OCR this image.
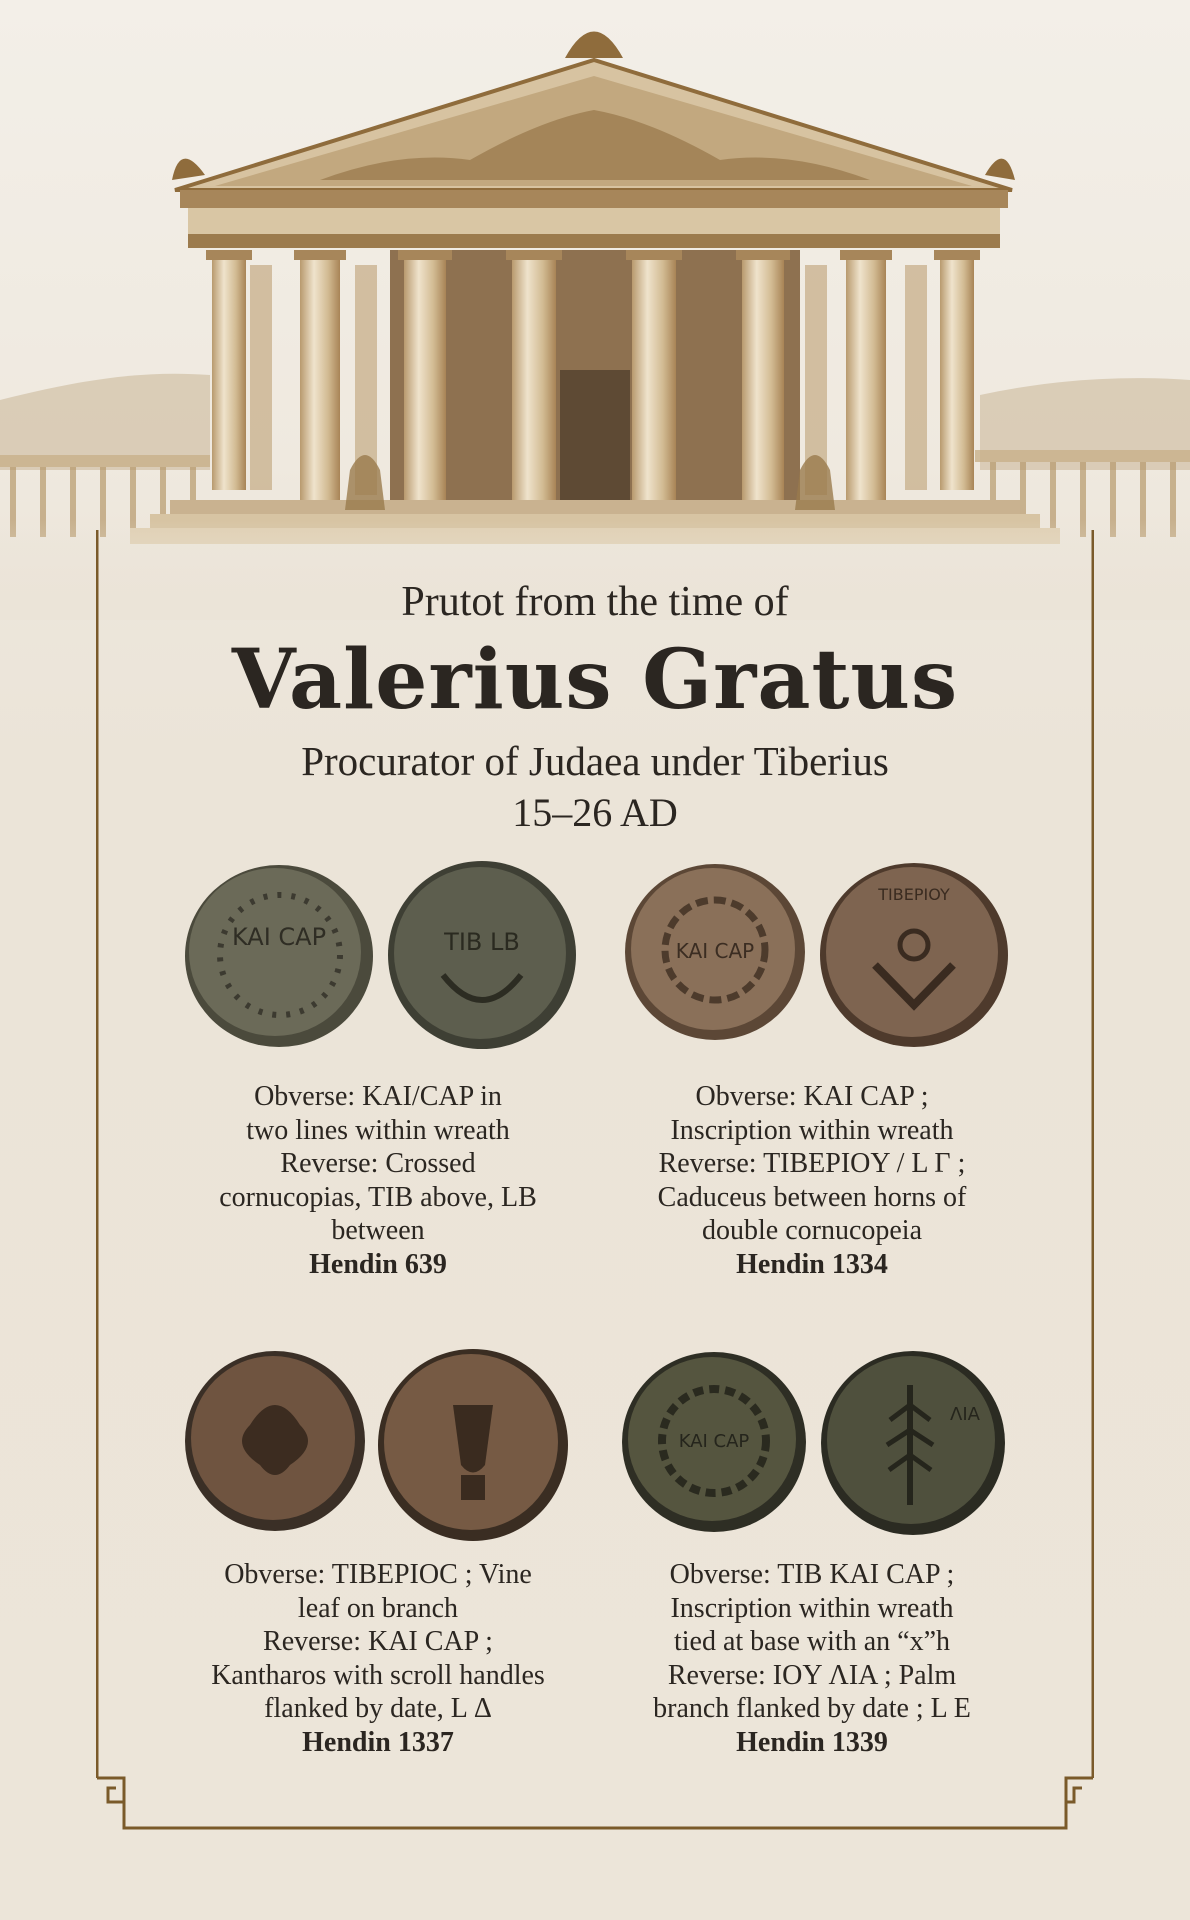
Prutot from the time of

Valerius Gratus

Procurator of Judaea under Tiberius

15–26 AD

KAI CAP	TIB LB
Obverse: KAI/CAP in
two lines within wreath
Reverse: Crossed
cornucopias, TIB above, LB
between
Hendin 639
KAI CAP
TIBEPIOY
Obverse: KAI CAP ;
Inscription within wreath
Reverse: TIBEPIOY / L Γ ;
Caduceus between horns of
double cornucopeia
Hendin 1334
Obverse: TIBEPIOC ; Vine
leaf on branch
Reverse: KAI CAP ;
Kantharos with scroll handles
flanked by date, L Δ
Hendin 1337
KAI CAP
ΛIA
Obverse: TIB KAI CAP ;
Inscription within wreath
tied at base with an “x”h
Reverse: IOY ΛIA ; Palm
branch flanked by date ; L E
Hendin 1339
